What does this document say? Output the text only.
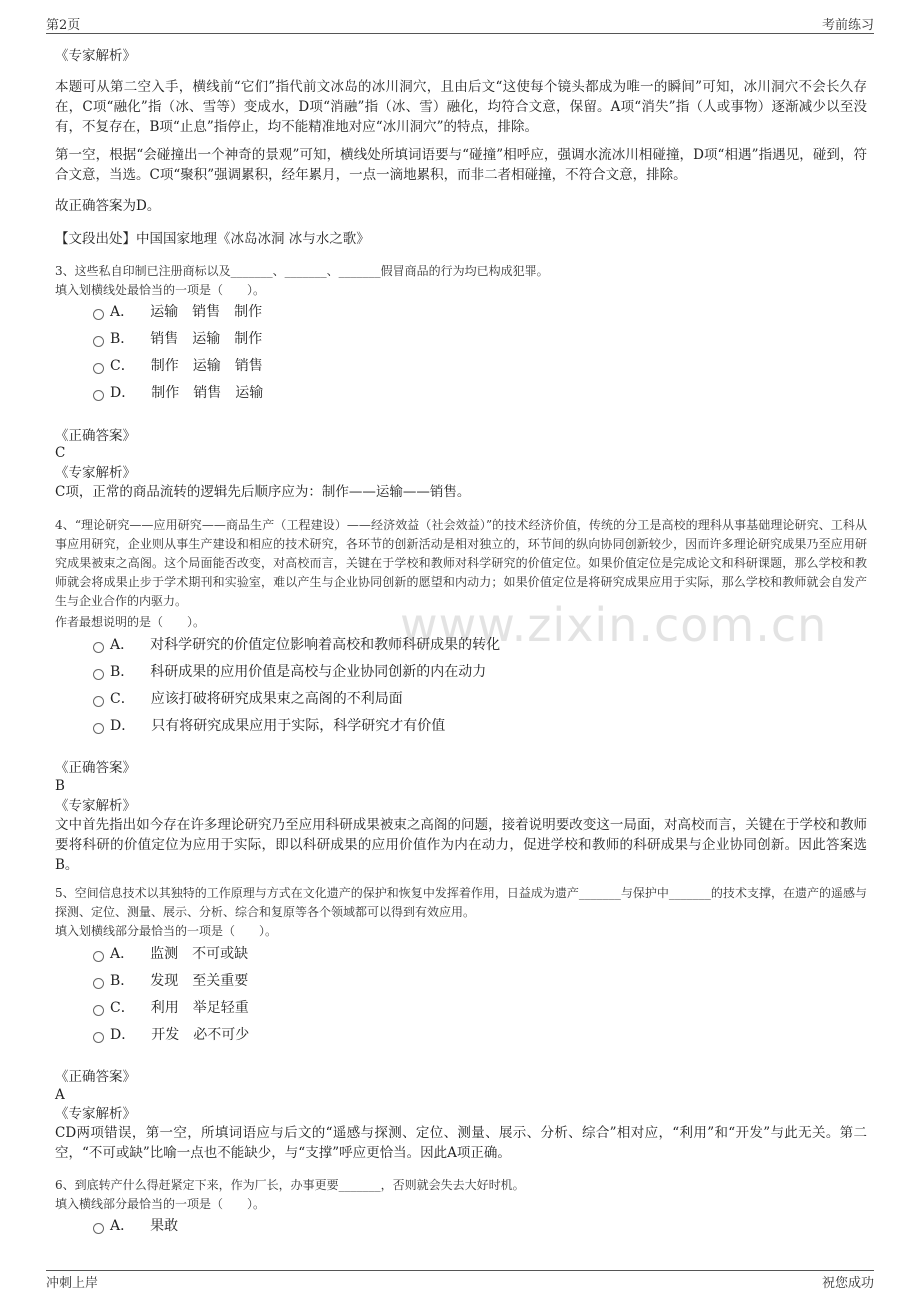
第2页	考前练习
www.zixin.com.cn

《专家解析》

本题可从第二空入手，横线前“它们”指代前文冰岛的冰川洞穴，且由后文“这使每个镜头都成为唯一的瞬间”可知，冰川洞穴不会长久存在，C项“融化”指（冰、雪等）变成水，D项“消融”指（冰、雪）融化，均符合文意，保留。A项“消失”指（人或事物）逐渐减少以至没有，不复存在，B项“止息”指停止，均不能精准地对应“冰川洞穴”的特点，排除。

第一空，根据“会碰撞出一个神奇的景观”可知，横线处所填词语要与“碰撞”相呼应，强调水流冰川相碰撞，D项“相遇”指遇见，碰到，符合文意，当选。C项“聚积”强调累积，经年累月，一点一滴地累积，而非二者相碰撞，不符合文意，排除。

故正确答案为D。

【文段出处】中国国家地理《冰岛冰洞 冰与水之歌》

3、这些私自印制已注册商标以及_______、_______、_______假冒商品的行为均已构成犯罪。

填入划横线处最恰当的一项是（　　）。

A． 运输　销售　制作
B． 销售　运输　制作
C． 制作　运输　销售
D． 制作　销售　运输

《正确答案》

C

《专家解析》

C项，正常的商品流转的逻辑先后顺序应为：制作——运输——销售。

4、“理论研究——应用研究——商品生产（工程建设）——经济效益（社会效益）”的技术经济价值，传统的分工是高校的理科从事基础理论研究、工科从事应用研究，企业则从事生产建设和相应的技术研究，各环节的创新活动是相对独立的，环节间的纵向协同创新较少，因而许多理论研究成果乃至应用研究成果被束之高阁。这个局面能否改变，对高校而言，关键在于学校和教师对科学研究的价值定位。如果价值定位是完成论文和科研课题，那么学校和教师就会将成果止步于学术期刊和实验室，难以产生与企业协同创新的愿望和内动力；如果价值定位是将研究成果应用于实际，那么学校和教师就会自发产生与企业合作的内驱力。

作者最想说明的是（　　）。

A． 对科学研究的价值定位影响着高校和教师科研成果的转化
B． 科研成果的应用价值是高校与企业协同创新的内在动力
C． 应该打破将研究成果束之高阁的不利局面
D． 只有将研究成果应用于实际，科学研究才有价值

《正确答案》

B

《专家解析》

文中首先指出如今存在许多理论研究乃至应用科研成果被束之高阁的问题，接着说明要改变这一局面，对高校而言，关键在于学校和教师要将科研的价值定位为应用于实际，即以科研成果的应用价值作为内在动力，促进学校和教师的科研成果与企业协同创新。因此答案选B。

5、空间信息技术以其独特的工作原理与方式在文化遗产的保护和恢复中发挥着作用，日益成为遗产_______与保护中_______的技术支撑，在遗产的遥感与探测、定位、测量、展示、分析、综合和复原等各个领域都可以得到有效应用。

填入划横线部分最恰当的一项是（　　）。

A． 监测　不可或缺
B． 发现　至关重要
C． 利用　举足轻重
D． 开发　必不可少

《正确答案》

A

《专家解析》

CD两项错误，第一空，所填词语应与后文的“遥感与探测、定位、测量、展示、分析、综合”相对应，“利用”和“开发”与此无关。第二空，“不可或缺”比喻一点也不能缺少，与“支撑”呼应更恰当。因此A项正确。

6、到底转产什么得赶紧定下来，作为厂长，办事更要_______，否则就会失去大好时机。

填入横线部分最恰当的一项是（　　）。

A． 果敢
冲刺上岸	祝您成功
